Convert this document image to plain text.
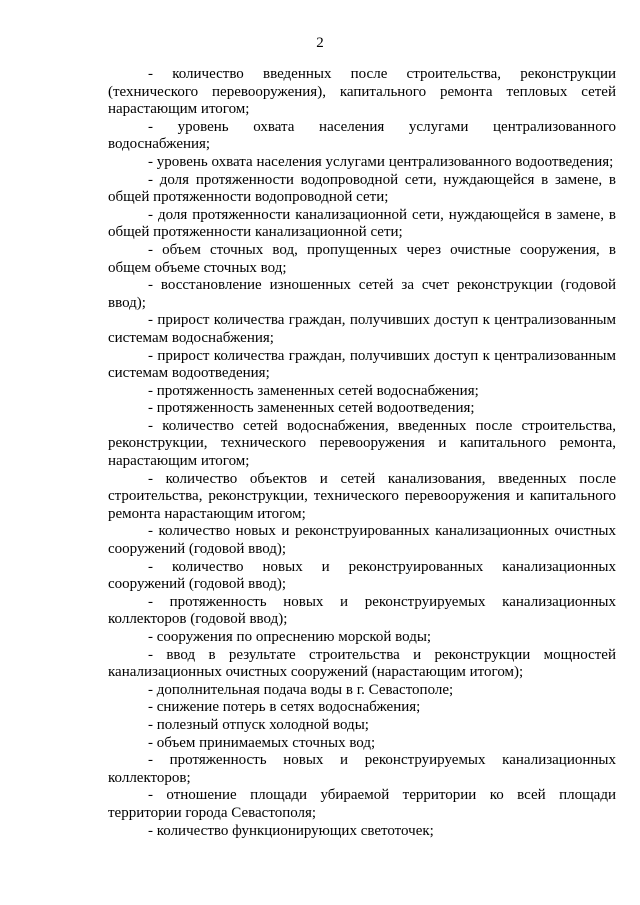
2

- количество введенных после строительства, реконструкции (технического перевооружения), капитального ремонта тепловых сетей нарастающим итогом;

- уровень охвата населения услугами централизованного водоснабжения;

- уровень охвата населения услугами централизованного водоотведения;

- доля протяженности водопроводной сети, нуждающейся в замене, в общей протяженности водопроводной сети;

- доля протяженности канализационной сети, нуждающейся в замене, в общей протяженности канализационной сети;

- объем сточных вод, пропущенных через очистные сооружения, в общем объеме сточных вод;

- восстановление изношенных сетей за счет реконструкции (годовой ввод);

- прирост количества граждан, получивших доступ к централизованным системам водоснабжения;

- прирост количества граждан, получивших доступ к централизованным системам водоотведения;

- протяженность замененных сетей водоснабжения;

- протяженность замененных сетей водоотведения;

- количество сетей водоснабжения, введенных после строительства, реконструкции, технического перевооружения и капитального ремонта, нарастающим итогом;

- количество объектов и сетей канализования, введенных после строительства, реконструкции, технического перевооружения и капитального ремонта нарастающим итогом;

- количество новых и реконструированных канализационных очистных сооружений (годовой ввод);

- количество новых и реконструированных канализационных сооружений (годовой ввод);

- протяженность новых и реконструируемых канализационных коллекторов (годовой ввод);

- сооружения по опреснению морской воды;

- ввод в результате строительства и реконструкции мощностей канализационных очистных сооружений (нарастающим итогом);

- дополнительная подача воды в г. Севастополе;

- снижение потерь в сетях водоснабжения;

- полезный отпуск холодной воды;

- объем принимаемых сточных вод;

- протяженность новых и реконструируемых канализационных коллекторов;

- отношение площади убираемой территории ко всей площади территории города Севастополя;

- количество функционирующих светоточек;
